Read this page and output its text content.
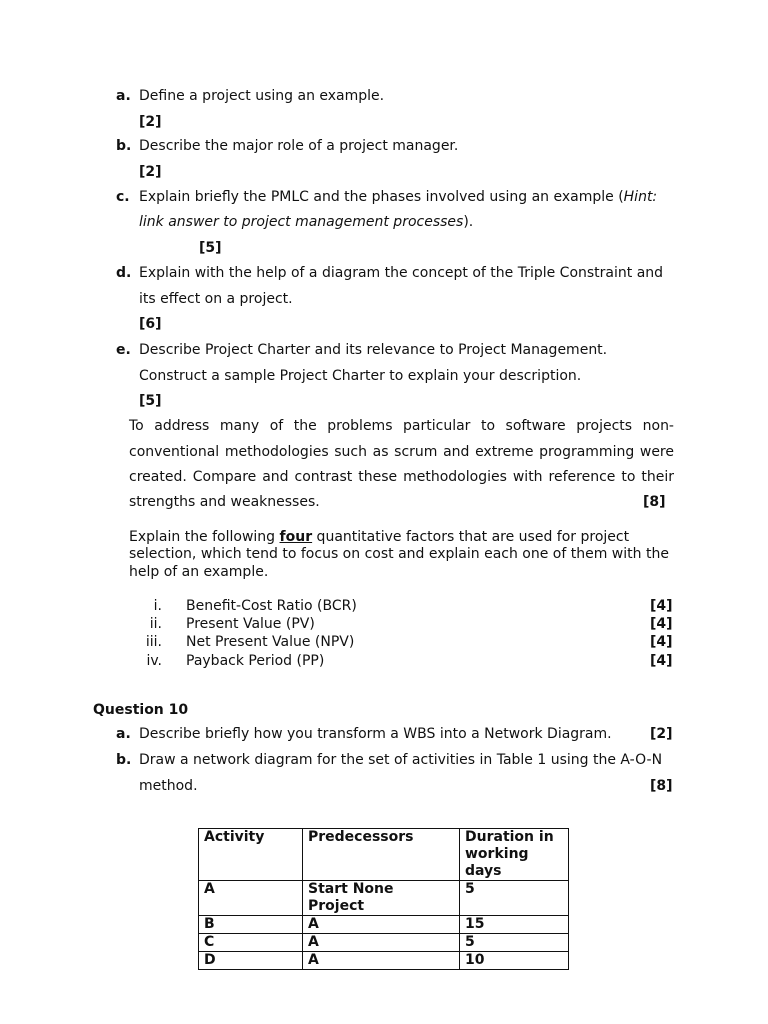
a. Define a project using an example.
[2]
b. Describe the major role of a project manager.
[2]
c. Explain briefly the PMLC and the phases involved using an example (Hint:
link answer to project management processes).
[5]
d. Explain with the help of a diagram the concept of the Triple Constraint and
its effect on a project.
[6]
e. Describe Project Charter and its relevance to Project Management.
Construct a sample Project Charter to explain your description.
[5]
To address many of the problems particular to software projects non-
conventional methodologies such as scrum and extreme programming were
created. Compare and contrast these methodologies with reference to their
strengths and weaknesses.	[8]
Explain the following four quantitative factors that are used for project
selection, which tend to focus on cost and explain each one of them with the
help of an example.
i. Benefit-Cost Ratio (BCR)	[4]
ii. Present Value (PV)	[4]
iii. Net Present Value (NPV)	[4]
iv. Payback Period (PP)	[4]
Question 10
a. Describe briefly how you transform a WBS into a Network Diagram.	[2]
b. Draw a network diagram for the set of activities in Table 1 using the A-O-N
method.	[8]
Activity	Predecessors	Duration in
working days
A	Start None Project	5
B	A	15
C	A	5
D	A	10
